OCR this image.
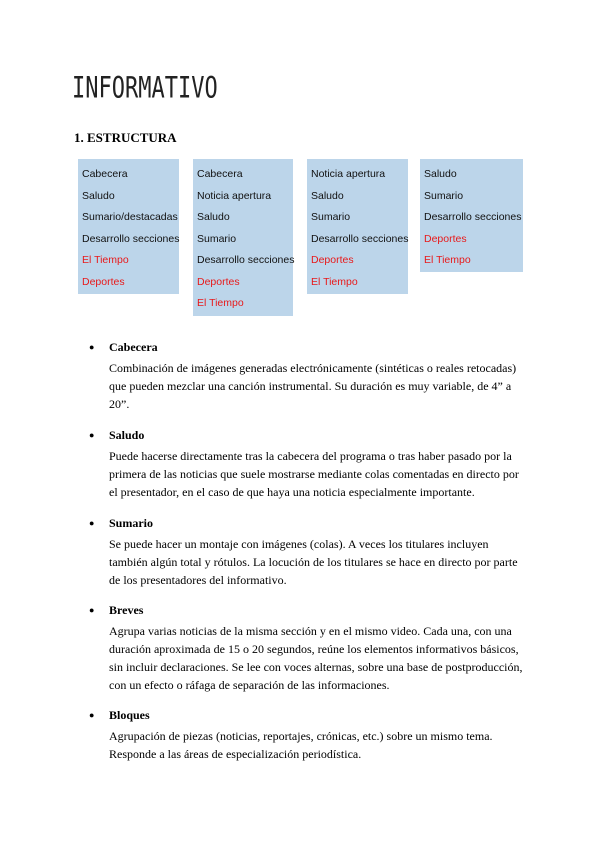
INFORMATIVO
1. ESTRUCTURA
Cabecera
Saludo
Sumario/destacadas
Desarrollo secciones
El Tiempo
Deportes
Cabecera
Noticia apertura
Saludo
Sumario
Desarrollo secciones
Deportes
El Tiempo
Noticia apertura
Saludo
Sumario
Desarrollo secciones
Deportes
El Tiempo
Saludo
Sumario
Desarrollo secciones
Deportes
El Tiempo
● Cabecera
Combinación de imágenes generadas electrónicamente (sintéticas o reales retocadas) que pueden mezclar una canción instrumental. Su duración es muy variable, de 4” a 20”.
● Saludo
Puede hacerse directamente tras la cabecera del programa o tras haber pasado por la primera de las noticias que suele mostrarse mediante colas comentadas en directo por el presentador, en el caso de que haya una noticia especialmente importante.
● Sumario
Se puede hacer un montaje con imágenes (colas). A veces los titulares incluyen también algún total y rótulos. La locución de los titulares se hace en directo por parte de los presentadores del informativo.
● Breves
Agrupa varias noticias de la misma sección y en el mismo video. Cada una, con una duración aproximada de 15 o 20 segundos, reúne los elementos informativos básicos, sin incluir declaraciones. Se lee con voces alternas, sobre una base de postproducción, con un efecto o ráfaga de separación de las informaciones.
● Bloques
Agrupación de piezas (noticias, reportajes, crónicas, etc.) sobre un mismo tema. Responde a las áreas de especialización periodística.
